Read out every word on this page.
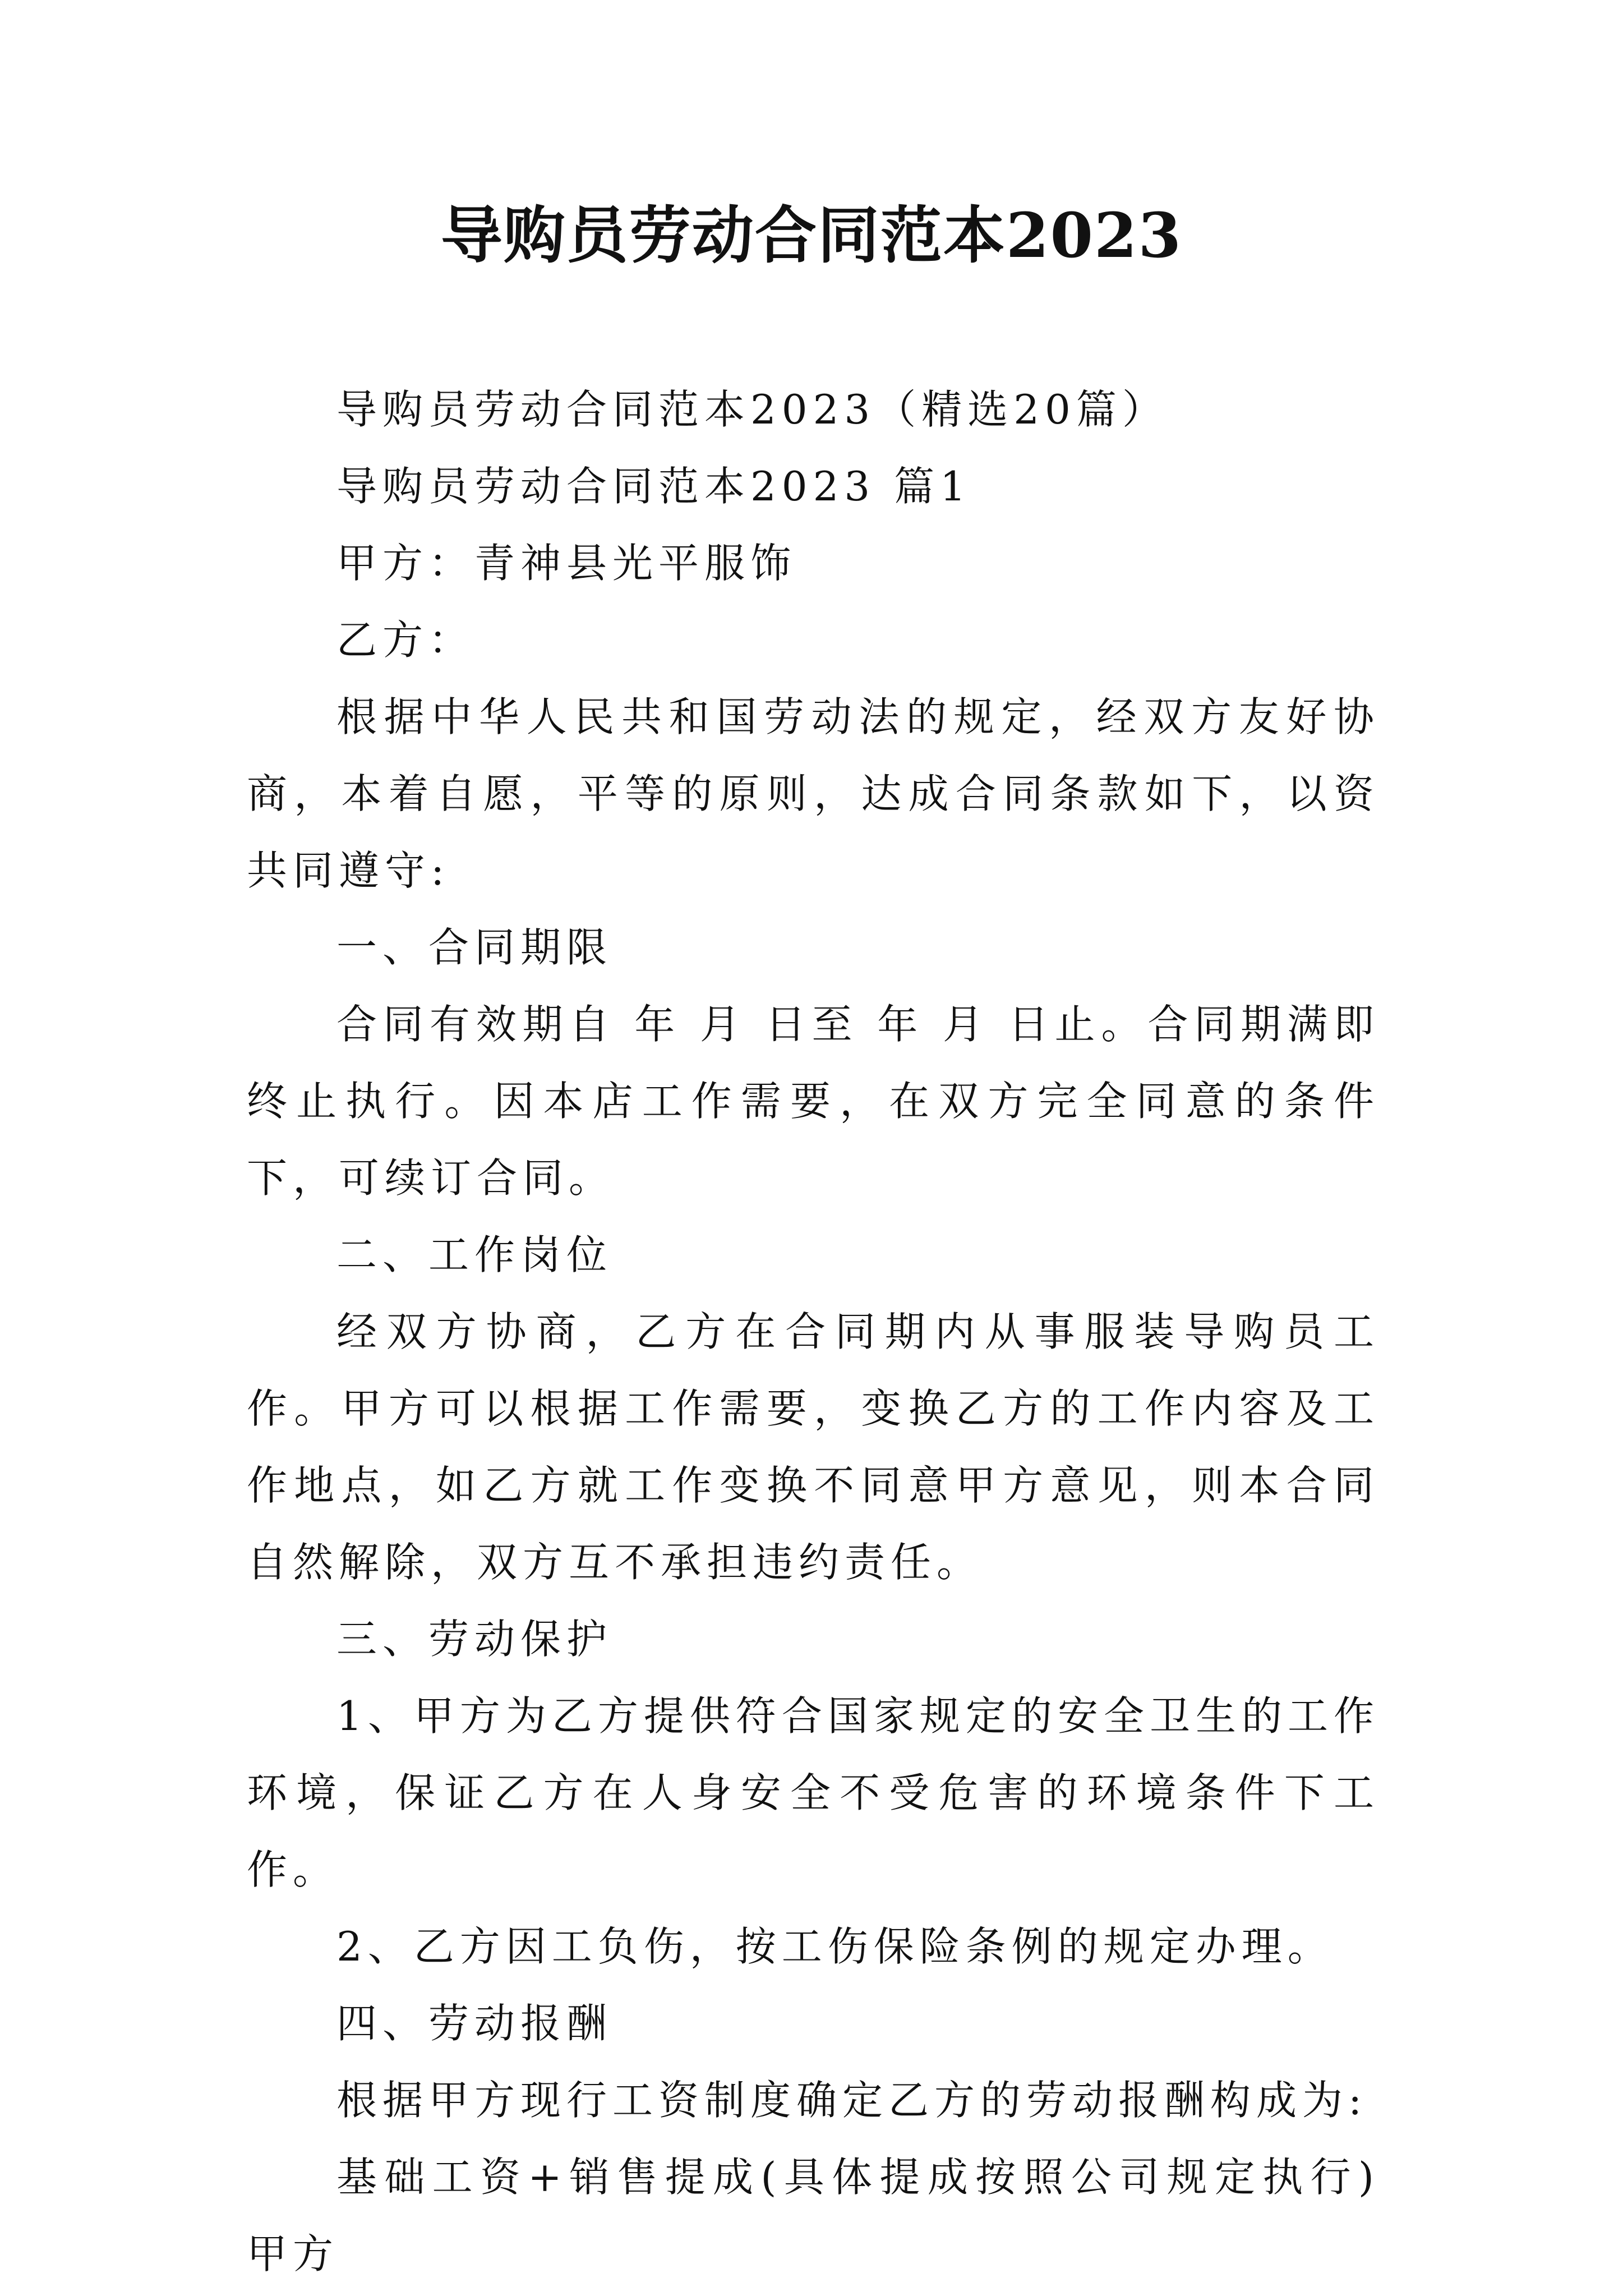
导购员劳动合同范本2023

导购员劳动合同范本2023（精选20篇）

导购员劳动合同范本2023 篇1

甲方：青神县光平服饰

乙方：

根据中华人民共和国劳动法的规定，经双方友好协商，本着自愿，平等的原则，达成合同条款如下，以资共同遵守:

一、合同期限

合同有效期自 年 月 日至 年 月 日止。合同期满即终止执行。因本店工作需要，在双方完全同意的条件下，可续订合同。

二、工作岗位

经双方协商，乙方在合同期内从事服装导购员工作。甲方可以根据工作需要，变换乙方的工作内容及工作地点，如乙方就工作变换不同意甲方意见，则本合同自然解除，双方互不承担违约责任。

三、劳动保护

1、甲方为乙方提供符合国家规定的安全卫生的工作环境，保证乙方在人身安全不受危害的环境条件下工作。

2、乙方因工负伤，按工伤保险条例的规定办理。

四、劳动报酬

根据甲方现行工资制度确定乙方的劳动报酬构成为:

基础工资+销售提成(具体提成按照公司规定执行)甲方
